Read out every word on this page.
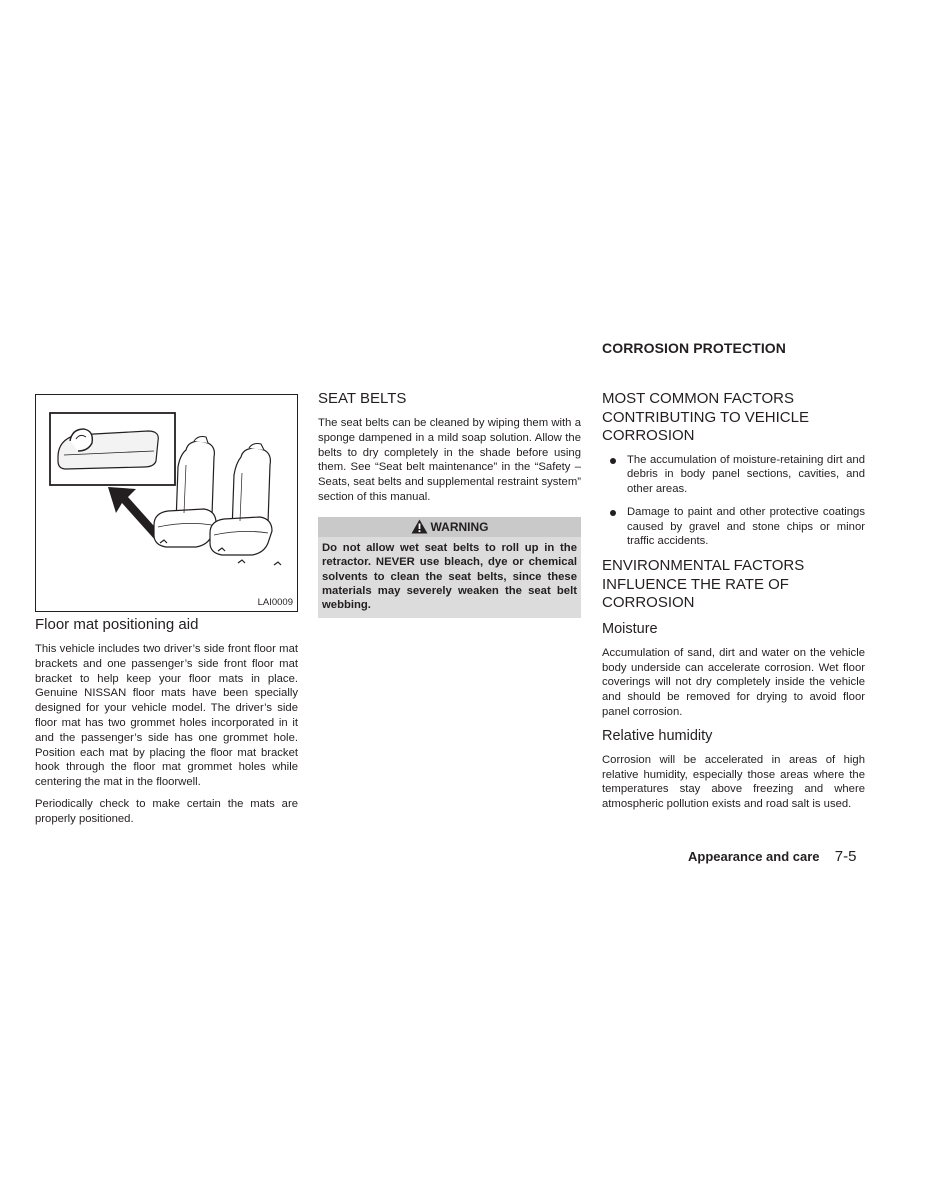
CORROSION PROTECTION
LAI0009
Floor mat positioning aid

This vehicle includes two driver’s side front floor mat brackets and one passenger’s side front floor mat bracket to help keep your floor mats in place. Genuine NISSAN floor mats have been specially designed for your vehicle model. The driver’s side floor mat has two grommet holes incorporated in it and the passenger’s side has one grommet hole. Position each mat by placing the floor mat bracket hook through the floor mat grommet holes while centering the mat in the floorwell.

Periodically check to make certain the mats are properly positioned.

SEAT BELTS

The seat belts can be cleaned by wiping them with a sponge dampened in a mild soap solution. Allow the belts to dry completely in the shade before using them. See “Seat belt maintenance” in the “Safety – Seats, seat belts and supplemental restraint system” section of this manual.

WARNING
Do not allow wet seat belts to roll up in the retractor. NEVER use bleach, dye or chemical solvents to clean the seat belts, since these materials may severely weaken the seat belt webbing.
MOST COMMON FACTORS CONTRIBUTING TO VEHICLE CORROSION
The accumulation of moisture-retaining dirt and debris in body panel sections, cavities, and other areas.
Damage to paint and other protective coatings caused by gravel and stone chips or minor traffic accidents.
ENVIRONMENTAL FACTORS INFLUENCE THE RATE OF CORROSION
Moisture

Accumulation of sand, dirt and water on the vehicle body underside can accelerate corrosion. Wet floor coverings will not dry completely inside the vehicle and should be removed for drying to avoid floor panel corrosion.

Relative humidity

Corrosion will be accelerated in areas of high relative humidity, especially those areas where the temperatures stay above freezing and where atmospheric pollution exists and road salt is used.

Appearance and care 7-5
